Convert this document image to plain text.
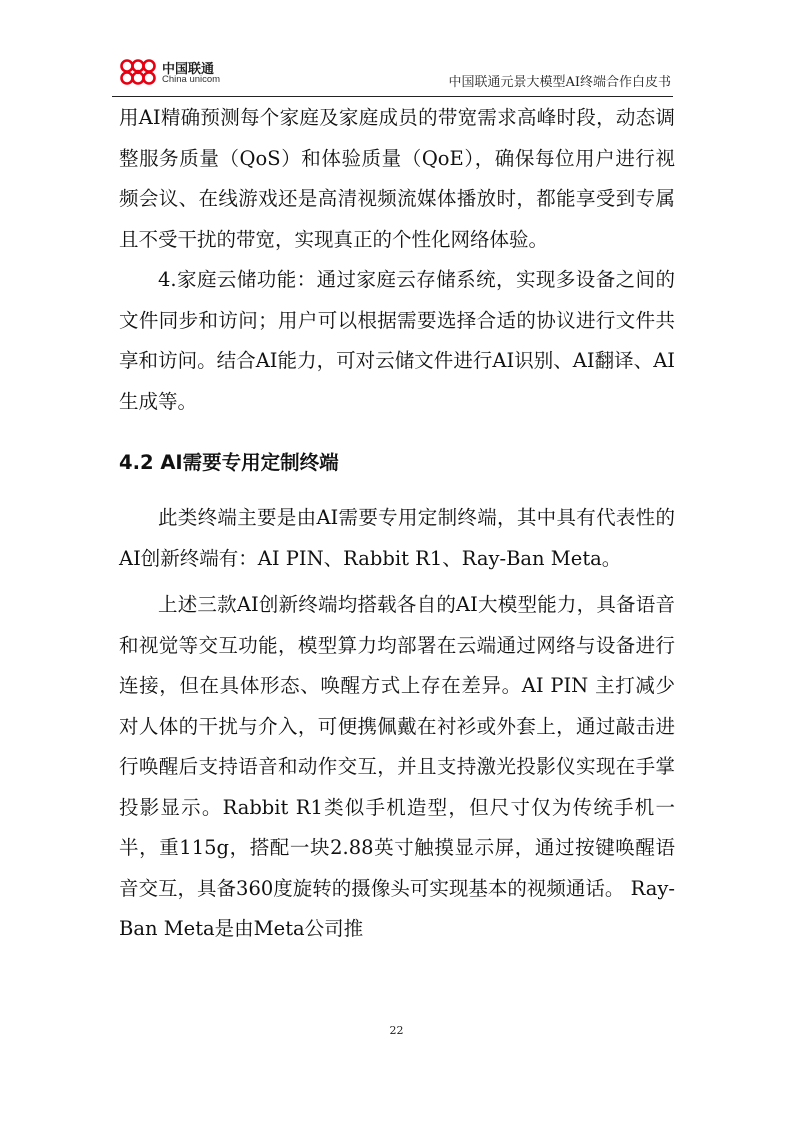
中国联通
China unicom	中国联通元景大模型AI终端合作白皮书

用AI精确预测每个家庭及家庭成员的带宽需求高峰时段，动态调整服务质量（QoS）和体验质量（QoE），确保每位用户进行视频会议、在线游戏还是高清视频流媒体播放时，都能享受到专属且不受干扰的带宽，实现真正的个性化网络体验。

4.家庭云储功能：通过家庭云存储系统，实现多设备之间的文件同步和访问；用户可以根据需要选择合适的协议进行文件共享和访问。结合AI能力，可对云储文件进行AI识别、AI翻译、AI生成等。

4.2 AI需要专用定制终端

此类终端主要是由AI需要专用定制终端，其中具有代表性的AI创新终端有：AI PIN、Rabbit R1、Ray-Ban Meta。

上述三款AI创新终端均搭载各自的AI大模型能力，具备语音和视觉等交互功能，模型算力均部署在云端通过网络与设备进行连接，但在具体形态、唤醒方式上存在差异。AI PIN 主打减少对人体的干扰与介入，可便携佩戴在衬衫或外套上，通过敲击进行唤醒后支持语音和动作交互，并且支持激光投影仪实现在手掌投影显示。Rabbit R1类似手机造型，但尺寸仅为传统手机一半，重115g，搭配一块2.88英寸触摸显示屏，通过按键唤醒语音交互，具备360度旋转的摄像头可实现基本的视频通话。 Ray-Ban Meta是由Meta公司推

22
